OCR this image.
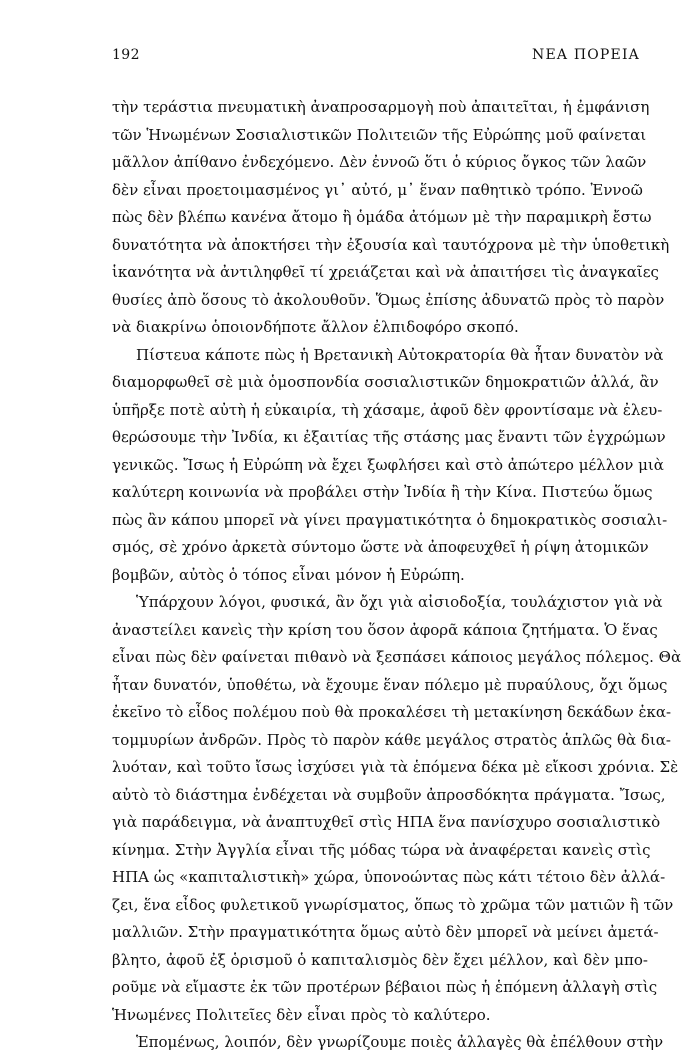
192	ΝΕΑ ΠΟΡΕΙΑ
τὴν τεράστια πνευματικὴ ἀναπροσαρμογὴ ποὺ ἀπαιτεῖται, ἡ ἐμφάνιση
τῶν Ἡνωμένων Σοσιαλιστικῶν Πολιτειῶν τῆς Εὐρώπης μοῦ φαίνεται
μᾶλλον ἀπίθανο ἐνδεχόμενο. Δὲν ἐννοῶ ὅτι ὁ κύριος ὄγκος τῶν λαῶν
δὲν εἶναι προετοιμασμένος γι᾿ αὐτό, μ᾿ ἕναν παθητικὸ τρόπο. Ἐννοῶ
πὼς δὲν βλέπω κανένα ἄτομο ἢ ὁμάδα ἀτόμων μὲ τὴν παραμικρὴ ἔστω
δυνατότητα νὰ ἀποκτήσει τὴν ἐξουσία καὶ ταυτόχρονα μὲ τὴν ὑποθετικὴ
ἱκανότητα νὰ ἀντιληφθεῖ τί χρειάζεται καὶ νὰ ἀπαιτήσει τὶς ἀναγκαῖες
θυσίες ἀπὸ ὅσους τὸ ἀκολουθοῦν. Ὅμως ἐπίσης ἀδυνατῶ πρὸς τὸ παρὸν
νὰ διακρίνω ὁποιονδήποτε ἄλλον ἐλπιδοφόρο σκοπό.
Πίστευα κάποτε πὼς ἡ Βρετανικὴ Αὐτοκρατορία θὰ ἦταν δυνατὸν νὰ
διαμορφωθεῖ σὲ μιὰ ὁμοσπονδία σοσιαλιστικῶν δημοκρατιῶν ἀλλά, ἂν
ὑπῆρξε ποτὲ αὐτὴ ἡ εὐκαιρία, τὴ χάσαμε, ἀφοῦ δὲν φροντίσαμε νὰ ἐλευ-
θερώσουμε τὴν Ἰνδία, κι ἐξαιτίας τῆς στάσης μας ἔναντι τῶν ἐγχρώμων
γενικῶς. Ἴσως ἡ Εὐρώπη νὰ ἔχει ξωφλήσει καὶ στὸ ἀπώτερο μέλλον μιὰ
καλύτερη κοινωνία νὰ προβάλει στὴν Ἰνδία ἢ τὴν Κίνα. Πιστεύω ὅμως
πὼς ἂν κάπου μπορεῖ νὰ γίνει πραγματικότητα ὁ δημοκρατικὸς σοσιαλι-
σμός, σὲ χρόνο ἀρκετὰ σύντομο ὥστε νὰ ἀποφευχθεῖ ἡ ρίψη ἀτομικῶν
βομβῶν, αὐτὸς ὁ τόπος εἶναι μόνον ἡ Εὐρώπη.
Ὑπάρχουν λόγοι, φυσικά, ἂν ὄχι γιὰ αἰσιοδοξία, τουλάχιστον γιὰ νὰ
ἀναστείλει κανεὶς τὴν κρίση του ὅσον ἀφορᾶ κάποια ζητήματα. Ὁ ἕνας
εἶναι πὼς δὲν φαίνεται πιθανὸ νὰ ξεσπάσει κάποιος μεγάλος πόλεμος. Θὰ
ἦταν δυνατόν, ὑποθέτω, νὰ ἔχουμε ἕναν πόλεμο μὲ πυραύλους, ὄχι ὅμως
ἐκεῖνο τὸ εἶδος πολέμου ποὺ θὰ προκαλέσει τὴ μετακίνηση δεκάδων ἑκα-
τομμυρίων ἀνδρῶν. Πρὸς τὸ παρὸν κάθε μεγάλος στρατὸς ἁπλῶς θὰ δια-
λυόταν, καὶ τοῦτο ἴσως ἰσχύσει γιὰ τὰ ἑπόμενα δέκα μὲ εἴκοσι χρόνια. Σὲ
αὐτὸ τὸ διάστημα ἐνδέχεται νὰ συμβοῦν ἀπροσδόκητα πράγματα. Ἴσως,
γιὰ παράδειγμα, νὰ ἀναπτυχθεῖ στὶς ΗΠΑ ἕνα πανίσχυρο σοσιαλιστικὸ
κίνημα. Στὴν Ἀγγλία εἶναι τῆς μόδας τώρα νὰ ἀναφέρεται κανεὶς στὶς
ΗΠΑ ὡς «καπιταλιστικὴ» χώρα, ὑπονοώντας πὼς κάτι τέτοιο δὲν ἀλλά-
ζει, ἕνα εἶδος φυλετικοῦ γνωρίσματος, ὅπως τὸ χρῶμα τῶν ματιῶν ἢ τῶν
μαλλιῶν. Στὴν πραγματικότητα ὅμως αὐτὸ δὲν μπορεῖ νὰ μείνει ἀμετά-
βλητο, ἀφοῦ ἐξ ὁρισμοῦ ὁ καπιταλισμὸς δὲν ἔχει μέλλον, καὶ δὲν μπο-
ροῦμε νὰ εἴμαστε ἐκ τῶν προτέρων βέβαιοι πὼς ἡ ἑπόμενη ἀλλαγὴ στὶς
Ἡνωμένες Πολιτεῖες δὲν εἶναι πρὸς τὸ καλύτερο.
Ἑπομένως, λοιπόν, δὲν γνωρίζουμε ποιὲς ἀλλαγὲς θὰ ἐπέλθουν στὴν
